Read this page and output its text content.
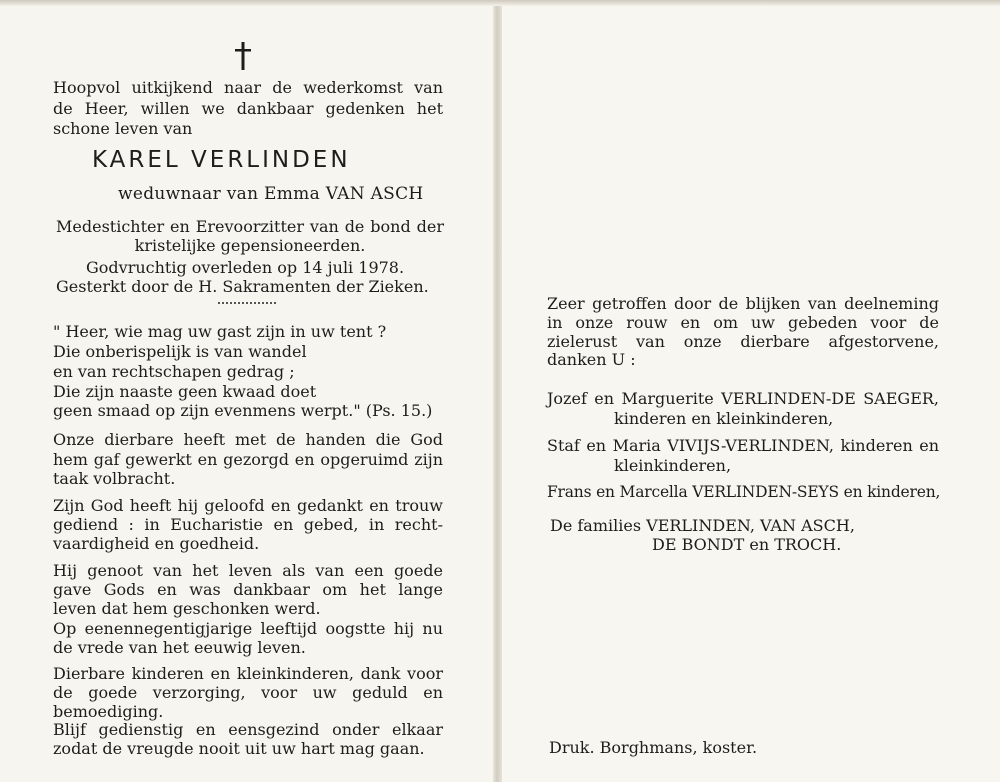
Hoopvol uitkijkend naar de wederkomst van
de Heer, willen we dankbaar gedenken het
schone leven van
KAREL VERLINDEN
weduwnaar van Emma VAN ASCH
Medestichter en Erevoorzitter van de bond der
kristelijke gepensioneerden.
Godvruchtig overleden op 14 juli 1978.
Gesterkt door de H. Sakramenten der Zieken.
" Heer, wie mag uw gast zijn in uw tent ?
Die onberispelijk is van wandel
en van rechtschapen gedrag ;
Die zijn naaste geen kwaad doet
geen smaad op zijn evenmens werpt." (Ps. 15.)
Onze dierbare heeft met de handen die God
hem gaf gewerkt en gezorgd en opgeruimd zijn
taak volbracht.
Zijn God heeft hij geloofd en gedankt en trouw
gediend : in Eucharistie en gebed, in recht-
vaardigheid en goedheid.
Hij genoot van het leven als van een goede
gave Gods en was dankbaar om het lange
leven dat hem geschonken werd.
Op eenennegentigjarige leeftijd oogstte hij nu
de vrede van het eeuwig leven.
Dierbare kinderen en kleinkinderen, dank voor
de goede verzorging, voor uw geduld en
bemoediging.
Blijf gedienstig en eensgezind onder elkaar
zodat de vreugde nooit uit uw hart mag gaan.
Zeer getroffen door de blijken van deelneming
in onze rouw en om uw gebeden voor de
zielerust van onze dierbare afgestorvene,
danken U :
Jozef en Marguerite VERLINDEN-DE SAEGER,
kinderen en kleinkinderen,
Staf en Maria VIVIJS-VERLINDEN, kinderen en
kleinkinderen,
Frans en Marcella VERLINDEN-SEYS en kinderen,
De families VERLINDEN, VAN ASCH,
DE BONDT en TROCH.
Druk. Borghmans, koster.
